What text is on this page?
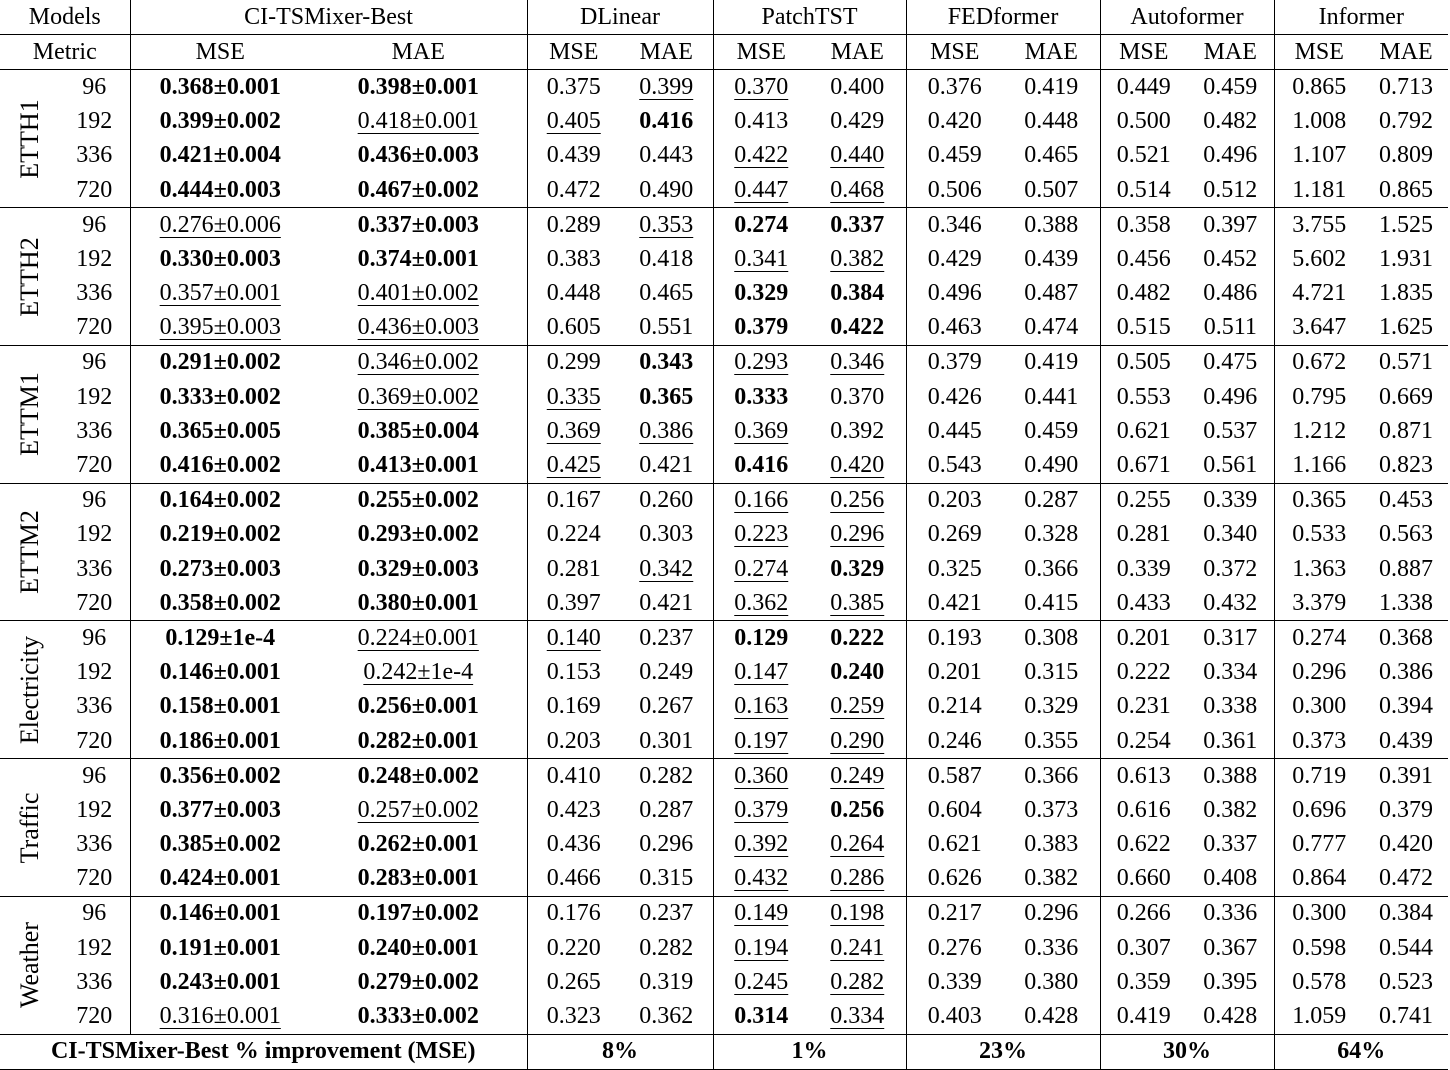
Models		CI-TSMixer-Best		DLinear		PatchTST		FEDformer		Autoformer		Informer	
Metric		MSE	MAE	MSE	MAE	MSE	MAE	MSE	MAE	MSE	MAE	MSE	MAE

ETTH1	96	0.368±0.001	0.398±0.001	0.375	0.399	0.370	0.400	0.376	0.419	0.449	0.459	0.865	0.713
	192	0.399±0.002	0.418±0.001	0.405	0.416	0.413	0.429	0.420	0.448	0.500	0.482	1.008	0.792
	336	0.421±0.004	0.436±0.003	0.439	0.443	0.422	0.440	0.459	0.465	0.521	0.496	1.107	0.809
	720	0.444±0.003	0.467±0.002	0.472	0.490	0.447	0.468	0.506	0.507	0.514	0.512	1.181	0.865

ETTH2	96	0.276±0.006	0.337±0.003	0.289	0.353	0.274	0.337	0.346	0.388	0.358	0.397	3.755	1.525
	192	0.330±0.003	0.374±0.001	0.383	0.418	0.341	0.382	0.429	0.439	0.456	0.452	5.602	1.931
	336	0.357±0.001	0.401±0.002	0.448	0.465	0.329	0.384	0.496	0.487	0.482	0.486	4.721	1.835
	720	0.395±0.003	0.436±0.003	0.605	0.551	0.379	0.422	0.463	0.474	0.515	0.511	3.647	1.625

ETTM1	96	0.291±0.002	0.346±0.002	0.299	0.343	0.293	0.346	0.379	0.419	0.505	0.475	0.672	0.571
	192	0.333±0.002	0.369±0.002	0.335	0.365	0.333	0.370	0.426	0.441	0.553	0.496	0.795	0.669
	336	0.365±0.005	0.385±0.004	0.369	0.386	0.369	0.392	0.445	0.459	0.621	0.537	1.212	0.871
	720	0.416±0.002	0.413±0.001	0.425	0.421	0.416	0.420	0.543	0.490	0.671	0.561	1.166	0.823

ETTM2	96	0.164±0.002	0.255±0.002	0.167	0.260	0.166	0.256	0.203	0.287	0.255	0.339	0.365	0.453
	192	0.219±0.002	0.293±0.002	0.224	0.303	0.223	0.296	0.269	0.328	0.281	0.340	0.533	0.563
	336	0.273±0.003	0.329±0.003	0.281	0.342	0.274	0.329	0.325	0.366	0.339	0.372	1.363	0.887
	720	0.358±0.002	0.380±0.001	0.397	0.421	0.362	0.385	0.421	0.415	0.433	0.432	3.379	1.338

Electricity	96	0.129±1e-4	0.224±0.001	0.140	0.237	0.129	0.222	0.193	0.308	0.201	0.317	0.274	0.368
	192	0.146±0.001	0.242±1e-4	0.153	0.249	0.147	0.240	0.201	0.315	0.222	0.334	0.296	0.386
	336	0.158±0.001	0.256±0.001	0.169	0.267	0.163	0.259	0.214	0.329	0.231	0.338	0.300	0.394
	720	0.186±0.001	0.282±0.001	0.203	0.301	0.197	0.290	0.246	0.355	0.254	0.361	0.373	0.439

Traffic	96	0.356±0.002	0.248±0.002	0.410	0.282	0.360	0.249	0.587	0.366	0.613	0.388	0.719	0.391
	192	0.377±0.003	0.257±0.002	0.423	0.287	0.379	0.256	0.604	0.373	0.616	0.382	0.696	0.379
	336	0.385±0.002	0.262±0.001	0.436	0.296	0.392	0.264	0.621	0.383	0.622	0.337	0.777	0.420
	720	0.424±0.001	0.283±0.001	0.466	0.315	0.432	0.286	0.626	0.382	0.660	0.408	0.864	0.472

Weather	96	0.146±0.001	0.197±0.002	0.176	0.237	0.149	0.198	0.217	0.296	0.266	0.336	0.300	0.384
	192	0.191±0.001	0.240±0.001	0.220	0.282	0.194	0.241	0.276	0.336	0.307	0.367	0.598	0.544
	336	0.243±0.001	0.279±0.002	0.265	0.319	0.245	0.282	0.339	0.380	0.359	0.395	0.578	0.523
	720	0.316±0.001	0.333±0.002	0.323	0.362	0.314	0.334	0.403	0.428	0.419	0.428	1.059	0.741
CI-TSMixer-Best % improvement (MSE)				8%		1%		23%		30%		64%	
